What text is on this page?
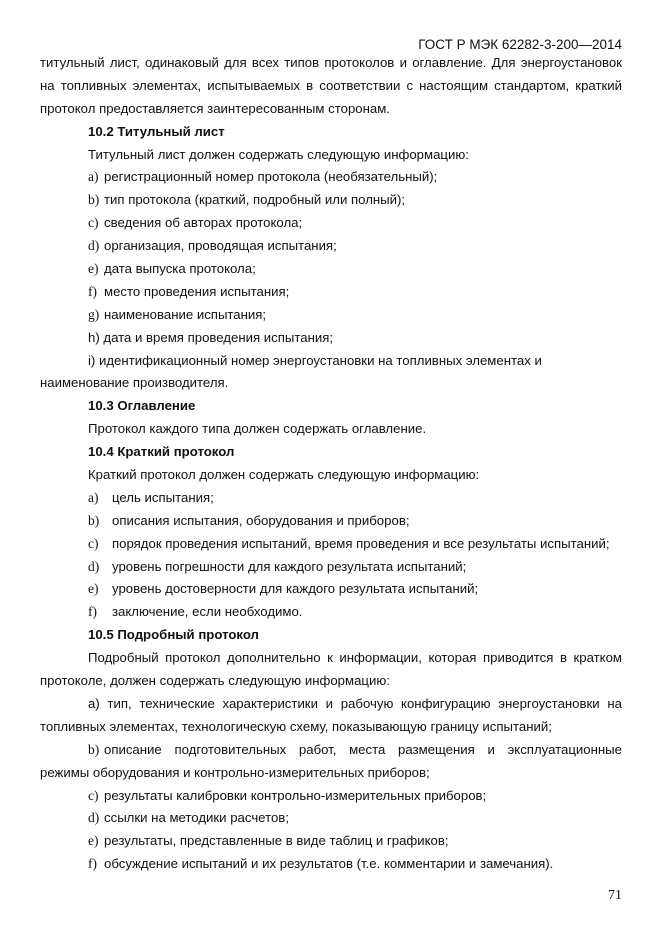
ГОСТ Р МЭК 62282-3-200—2014
титульный лист, одинаковый для всех типов протоколов и оглавление. Для энергоустановок
на топливных элементах, испытываемых в соответствии с настоящим стандартом, краткий
протокол предоставляется заинтересованным сторонам.
10.2 Титульный лист
Титульный лист должен содержать следующую информацию:
a) регистрационный номер протокола (необязательный);
b) тип протокола (краткий, подробный или полный);
c) сведения об авторах протокола;
d) организация, проводящая испытания;
e) дата выпуска протокола;
f) место проведения испытания;
g) наименование испытания;
h) дата и время проведения испытания;
i) идентификационный номер энергоустановки на топливных элементах и
наименование производителя.
10.3 Оглавление
Протокол каждого типа должен содержать оглавление.
10.4 Краткий протокол
Краткий протокол должен содержать следующую информацию:
a) цель испытания;
b) описания испытания, оборудования и приборов;
c) порядок проведения испытаний, время проведения и все результаты испытаний;
d) уровень погрешности для каждого результата испытаний;
e) уровень достоверности для каждого результата испытаний;
f) заключение, если необходимо.
10.5 Подробный протокол
Подробный протокол дополнительно к информации, которая приводится в кратком
протоколе, должен содержать следующую информацию:
а) тип, технические характеристики и рабочую конфигурацию энергоустановки на
топливных элементах, технологическую схему, показывающую границу испытаний;
b) описание подготовительных работ, места размещения и эксплуатационные
режимы оборудования и контрольно-измерительных приборов;
c) результаты калибровки контрольно-измерительных приборов;
d) ссылки на методики расчетов;
e) результаты, представленные в виде таблиц и графиков;
f) обсуждение испытаний и их результатов (т.е. комментарии и замечания).
71
